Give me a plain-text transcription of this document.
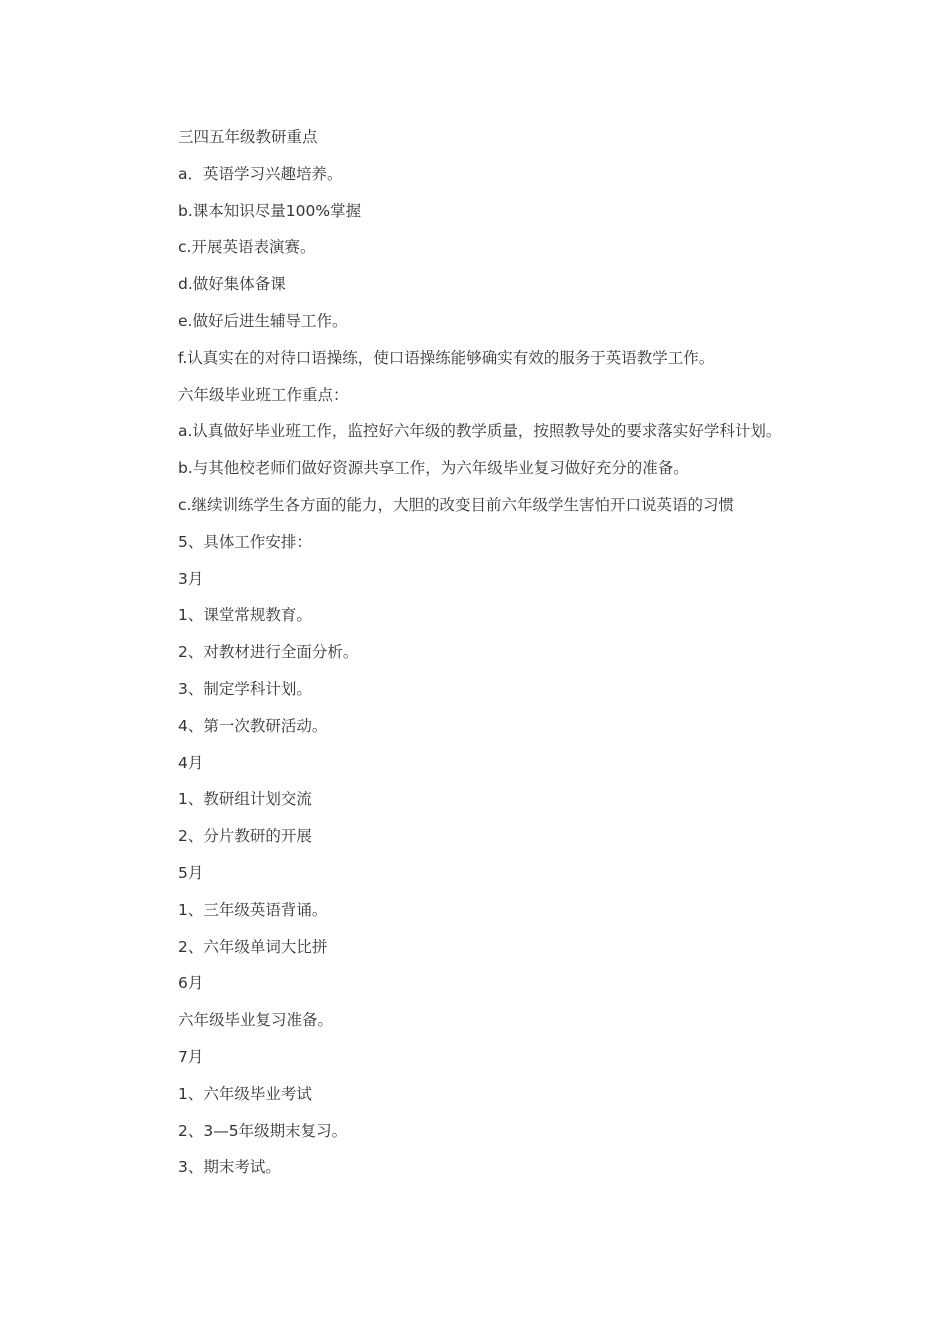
三四五年级教研重点

a．英语学习兴趣培养。

b.课本知识尽量100%掌握

c.开展英语表演赛。

d.做好集体备课

e.做好后进生辅导工作。

f.认真实在的对待口语操练，使口语操练能够确实有效的服务于英语教学工作。

六年级毕业班工作重点：

a.认真做好毕业班工作，监控好六年级的教学质量，按照教导处的要求落实好学科计划。

b.与其他校老师们做好资源共享工作，为六年级毕业复习做好充分的准备。

c.继续训练学生各方面的能力，大胆的改变目前六年级学生害怕开口说英语的习惯

5、具体工作安排：

3月

1、课堂常规教育。

2、对教材进行全面分析。

3、制定学科计划。

4、第一次教研活动。

4月

1、教研组计划交流

2、分片教研的开展

5月

1、三年级英语背诵。

2、六年级单词大比拼

6月

六年级毕业复习准备。

7月

1、六年级毕业考试

2、3—5年级期末复习。

3、期末考试。
